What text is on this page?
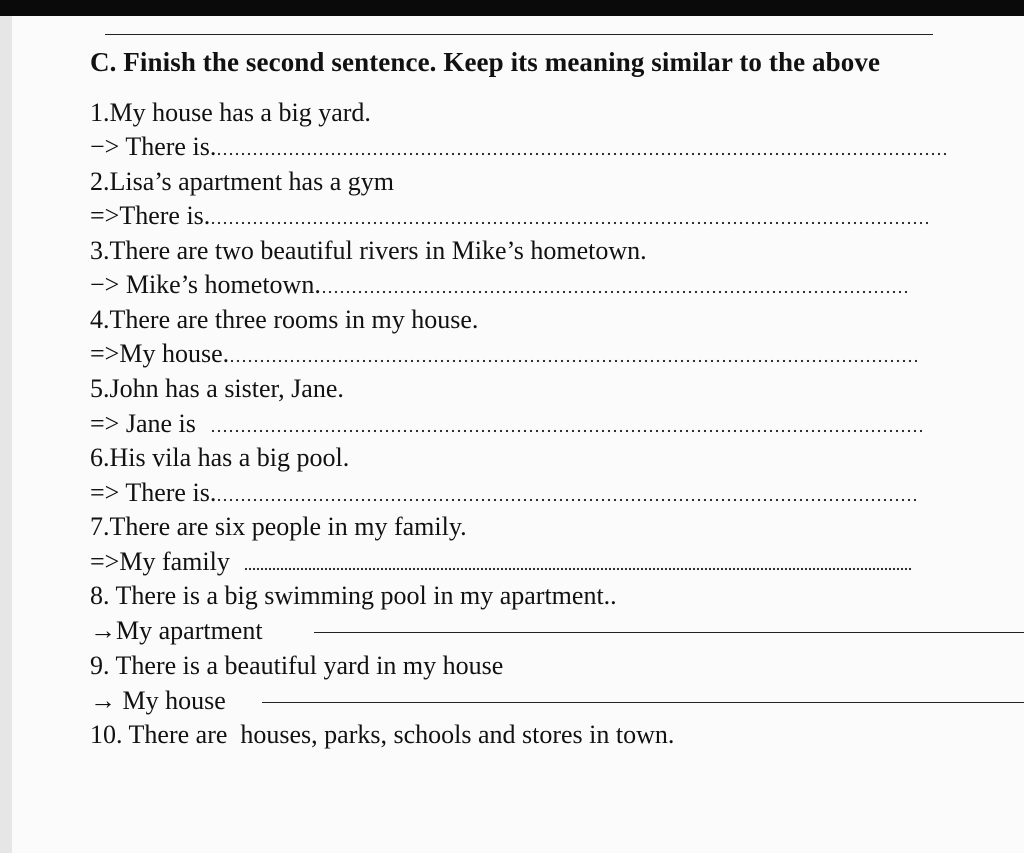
C. Finish the second sentence. Keep its meaning similar to the above

1.My house has a big yard.

−> There is.

2.Lisa’s apartment has a gym

=>There is.

3.There are two beautiful rivers in Mike’s hometown.

−> Mike’s hometown.

4.There are three rooms in my house.

=>My house.

5.John has a sister, Jane.

=> Jane is

6.His vila has a big pool.

=> There is.

7.There are six people in my family.

=>My family

8. There is a big swimming pool in my apartment..

→My apartment

9. There is a beautiful yard in my house

→ My house

10. There are  houses, parks, schools and stores in town.
